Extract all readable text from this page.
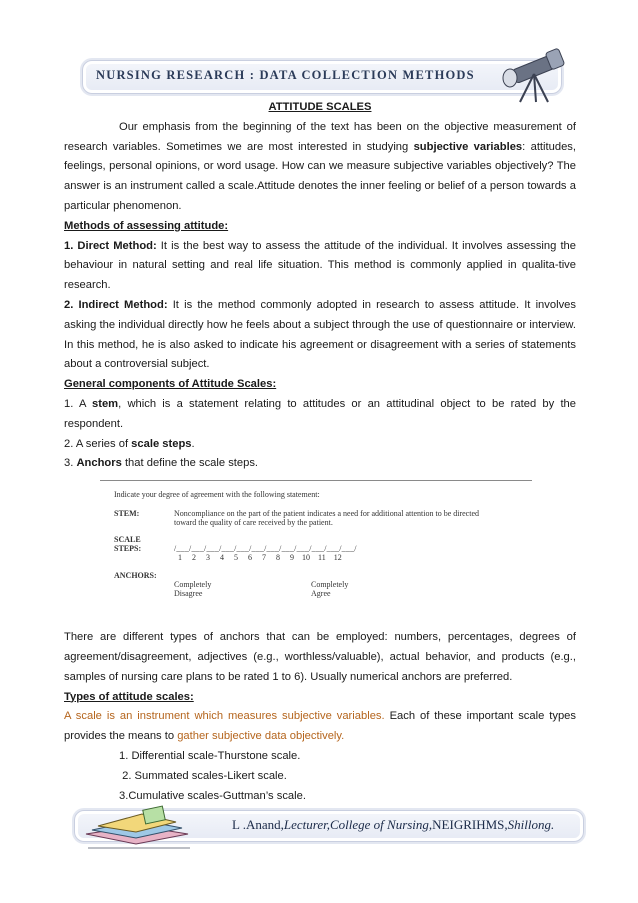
NURSING RESEARCH : DATA COLLECTION METHODS

ATTITUDE SCALES

Our emphasis from the beginning of the text has been on the objective measurement of research variables. Sometimes we are most interested in studying subjective variables: attitudes, feelings, personal opinions, or word usage. How can we measure subjective variables objectively? The answer is an instrument called a scale.Attitude denotes the inner feeling or belief of a person towards a particular phenomenon.

Methods of assessing attitude:

1. Direct Method: It is the best way to assess the attitude of the individual. It involves assessing the behaviour in natural setting and real life situation. This method is commonly applied in qualita-tive research.

2. Indirect Method: It is the method commonly adopted in research to assess attitude. It involves asking the individual directly how he feels about a subject through the use of questionnaire or interview. In this method, he is also asked to indicate his agreement or disagreement with a series of statements about a controversial subject.

General components of Attitude Scales:

1. A stem, which is a statement relating to attitudes or an attitudinal object to be rated by the respondent.

2. A series of scale steps.

3. Anchors that define the scale steps.

Indicate your degree of agreement with the following statement:
STEM:	Noncompliance on the part of the patient indicates a need for additional attention to be directed
toward the quality of care received by the patient.
SCALE
STEPS:	/___/___/___/___/___/___/___/___/___/___/___/___/
1     2     3     4     5     6     7     8     9    10    11    12
ANCHORS:
Completely
Disagree
Completely
Agree

There are different types of anchors that can be employed: numbers, percentages, degrees of agreement/disagreement, adjectives (e.g., worthless/valuable), actual behavior, and products (e.g., samples of nursing care plans to be rated 1 to 6). Usually numerical anchors are preferred.

Types of attitude scales:

A scale is an instrument which measures subjective variables. Each of these important scale types provides the means to gather subjective data objectively.

1. Differential scale-Thurstone scale.

2. Summated scales-Likert scale.

3.Cumulative scales-Guttman’s scale.

L .Anand,Lecturer,College of Nursing,NEIGRIHMS,Shillong.
